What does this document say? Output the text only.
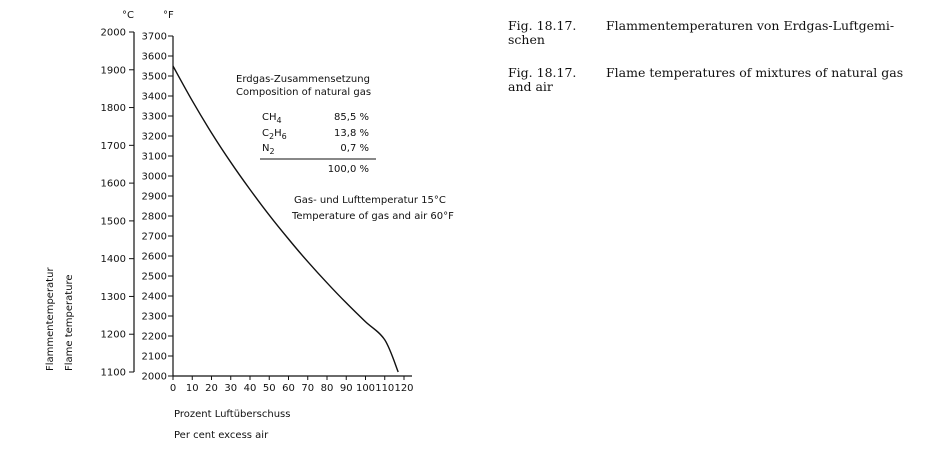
°C	°F
1100
1200
1300
1400
1500
1600
1700
1800
1900
2000
2000
2100
2200
2300
2400
2500
2600
2700
2800
2900
3000
3100
3200
3300
3400
3500
3600
3700
0 10 20 30 40 50 60 70 80 90 100 110 120
Erdgas-Zusammensetzung
Composition of natural gas
$CH_4$	85,5 %
$C_2H_6$	13,8 %
$N_2$	0,7 %
100,0 %
Gas- und Lufttemperatur 15°C
Temperature of gas and air 60°F
Prozent Luftüberschuss
Per cent excess air
Flammentemperatur Flame temperature
Fig. 18.17. Flammentemperaturen von Erdgas-Luftgemi-
schen
Fig. 18.17. Flame temperatures of mixtures of natural gas
and air
